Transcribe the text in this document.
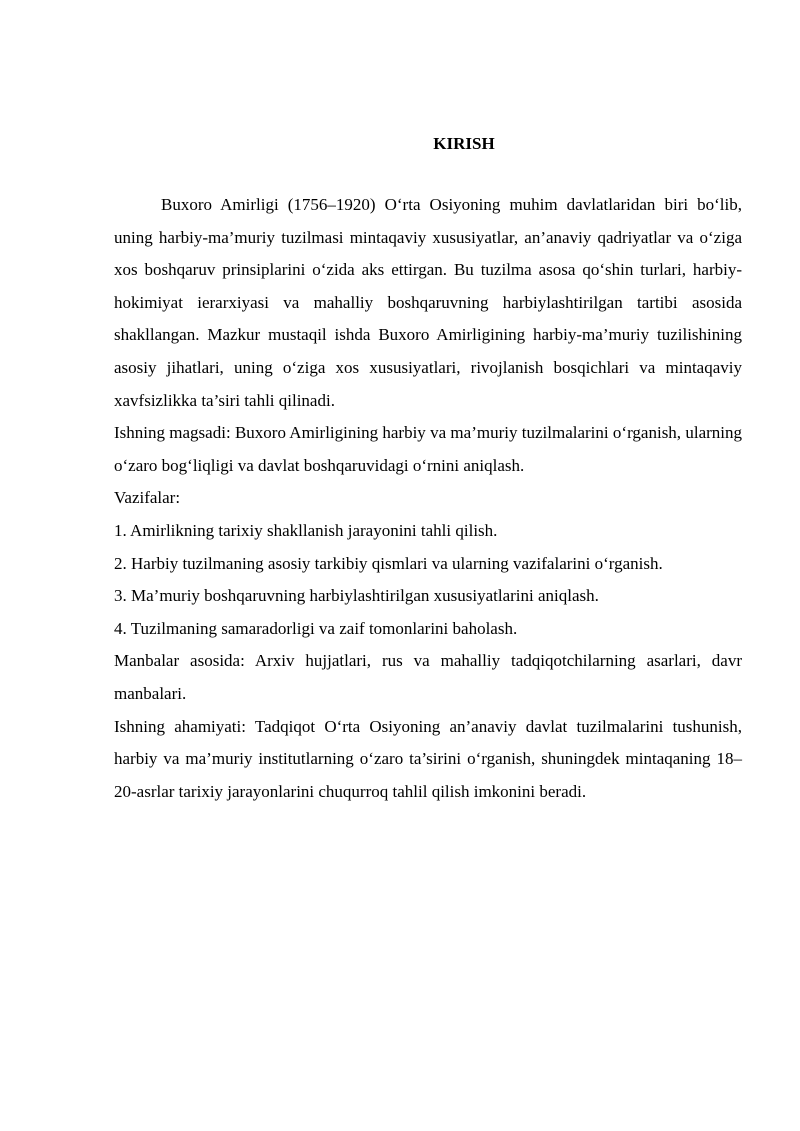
KIRISH

Buxoro Amirligi (1756–1920) O‘rta Osiyoning muhim davlatlaridan biri bo‘lib, uning harbiy-ma’muriy tuzilmasi mintaqaviy xususiyatlar, an’anaviy qadriyatlar va o‘ziga xos boshqaruv prinsiplarini o‘zida aks ettirgan. Bu tuzilma asosa qo‘shin turlari, harbiy-hokimiyat ierarxiyasi va mahalliy boshqaruvning harbiylashtirilgan tartibi asosida shakllangan. Mazkur mustaqil ishda Buxoro Amirligining harbiy-ma’muriy tuzilishining asosiy jihatlari, uning o‘ziga xos xususiyatlari, rivojlanish bosqichlari va mintaqaviy xavfsizlikka ta’siri tahli qilinadi.

Ishning magsadi: Buxoro Amirligining harbiy va ma’muriy tuzilmalarini o‘rganish, ularning o‘zaro bog‘liqligi va davlat boshqaruvidagi o‘rnini aniqlash.

Vazifalar:

1. Amirlikning tarixiy shakllanish jarayonini tahli qilish.

2. Harbiy tuzilmaning asosiy tarkibiy qismlari va ularning vazifalarini o‘rganish.

3. Ma’muriy boshqaruvning harbiylashtirilgan xususiyatlarini aniqlash.

4. Tuzilmaning samaradorligi va zaif tomonlarini baholash.

Manbalar asosida: Arxiv hujjatlari, rus va mahalliy tadqiqotchilarning asarlari, davr manbalari.

Ishning ahamiyati: Tadqiqot O‘rta Osiyoning an’anaviy davlat tuzilmalarini tushunish, harbiy va ma’muriy institutlarning o‘zaro ta’sirini o‘rganish, shuningdek mintaqaning 18–20-asrlar tarixiy jarayonlarini chuqurroq tahlil qilish imkonini beradi.
